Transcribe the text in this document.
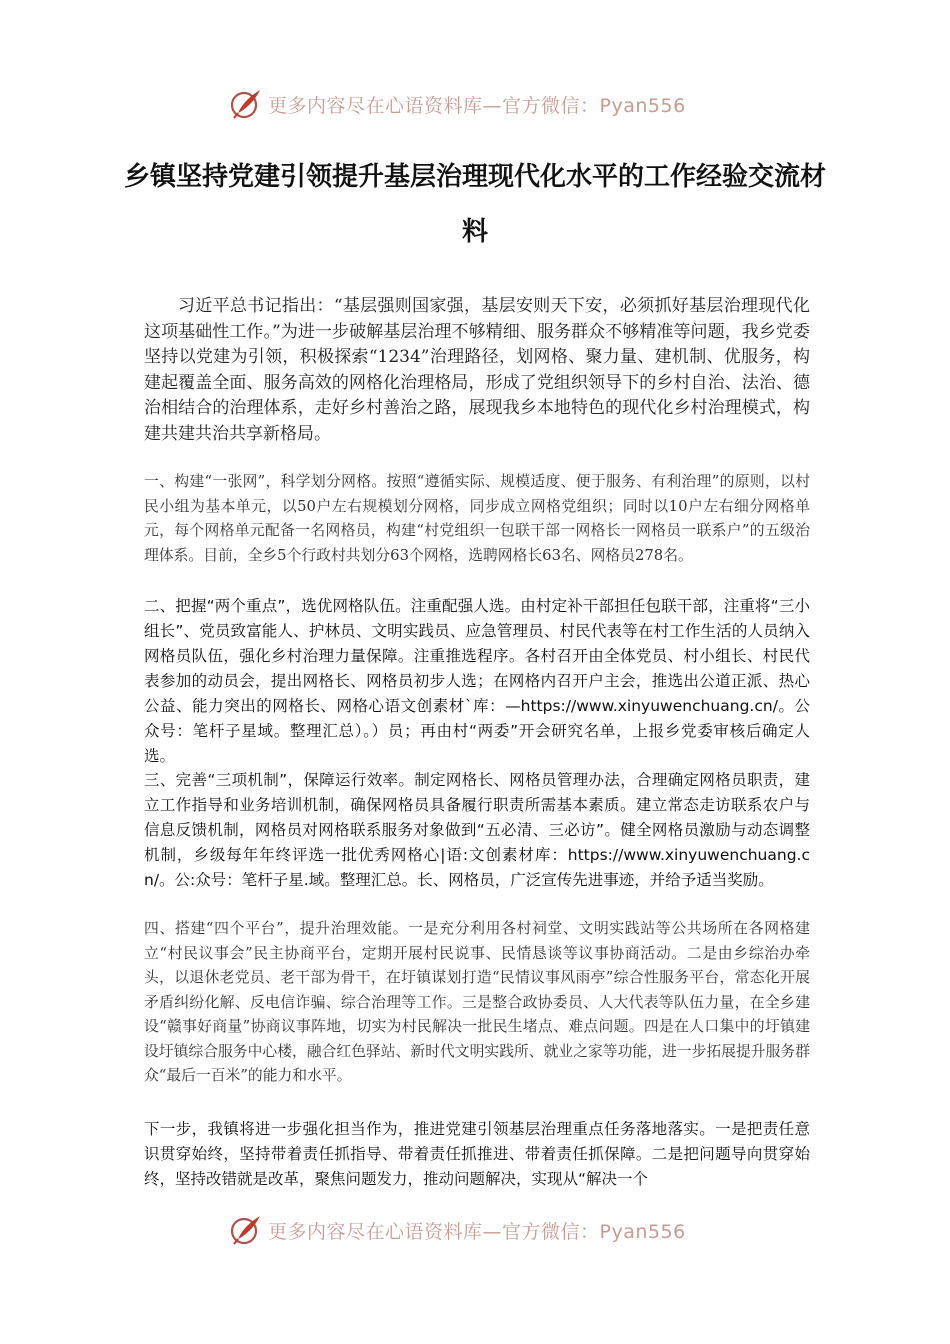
更多内容尽在心语资料库—官方微信：Pyan556
乡镇坚持党建引领提升基层治理现代化水平的工作经验交流材料

习近平总书记指出：“基层强则国家强，基层安则天下安，必须抓好基层治理现代化这项基础性工作。”为进一步破解基层治理不够精细、服务群众不够精准等问题，我乡党委坚持以党建为引领，积极探索“1234”治理路径，划网格、聚力量、建机制、优服务，构建起覆盖全面、服务高效的网格化治理格局，形成了党组织领导下的乡村自治、法治、德治相结合的治理体系，走好乡村善治之路，展现我乡本地特色的现代化乡村治理模式，构建共建共治共享新格局。

一、构建“一张网”，科学划分网格。按照“遵循实际、规模适度、便于服务、有利治理”的原则，以村民小组为基本单元，以50户左右规模划分网格，同步成立网格党组织；同时以10户左右细分网格单元，每个网格单元配备一名网格员，构建“村党组织一包联干部一网格长一网格员一联系户”的五级治理体系。目前，全乡5个行政村共划分63个网格，选聘网格长63名、网格员278名。

二、把握“两个重点”，选优网格队伍。注重配强人选。由村定补干部担任包联干部，注重将“三小组长”、党员致富能人、护林员、文明实践员、应急管理员、村民代表等在村工作生活的人员纳入网格员队伍，强化乡村治理力量保障。注重推选程序。各村召开由全体党员、村小组长、村民代表参加的动员会，提出网格长、网格员初步人选；在网格内召开户主会，推选出公道正派、热心公益、能力突出的网格长、网格心语文创素材`库：—https://www.xinyuwenchuang.cn/。公众号：笔杆子星域。整理汇总）。）员；再由村“两委”开会研究名单，上报乡党委审核后确定人选。

三、完善“三项机制”，保障运行效率。制定网格长、网格员管理办法，合理确定网格员职责，建立工作指导和业务培训机制，确保网格员具备履行职责所需基本素质。建立常态走访联系农户与信息反馈机制，网格员对网格联系服务对象做到“五必清、三必访”。健全网格员激励与动态调整机制，乡级每年年终评选一批优秀网格心|语:文创素材库：https://www.xinyuwenchuang.cn/。公:众号：笔杆子星.域。整理汇总。长、网格员，广泛宣传先进事迹，并给予适当奖励。

四、搭建“四个平台”，提升治理效能。一是充分利用各村祠堂、文明实践站等公共场所在各网格建立“村民议事会”民主协商平台，定期开展村民说事、民情恳谈等议事协商活动。二是由乡综治办牵头，以退休老党员、老干部为骨干，在圩镇谋划打造“民情议事风雨亭”综合性服务平台，常态化开展矛盾纠纷化解、反电信诈骗、综合治理等工作。三是整合政协委员、人大代表等队伍力量，在全乡建设“赣事好商量”协商议事阵地，切实为村民解决一批民生堵点、难点问题。四是在人口集中的圩镇建设圩镇综合服务中心楼，融合红色驿站、新时代文明实践所、就业之家等功能，进一步拓展提升服务群众“最后一百米”的能力和水平。

下一步，我镇将进一步强化担当作为，推进党建引领基层治理重点任务落地落实。一是把责任意识贯穿始终，坚持带着责任抓指导、带着责任抓推进、带着责任抓保障。二是把问题导向贯穿始终，坚持改错就是改革，聚焦问题发力，推动问题解决，实现从“解决一个

更多内容尽在心语资料库—官方微信：Pyan556
